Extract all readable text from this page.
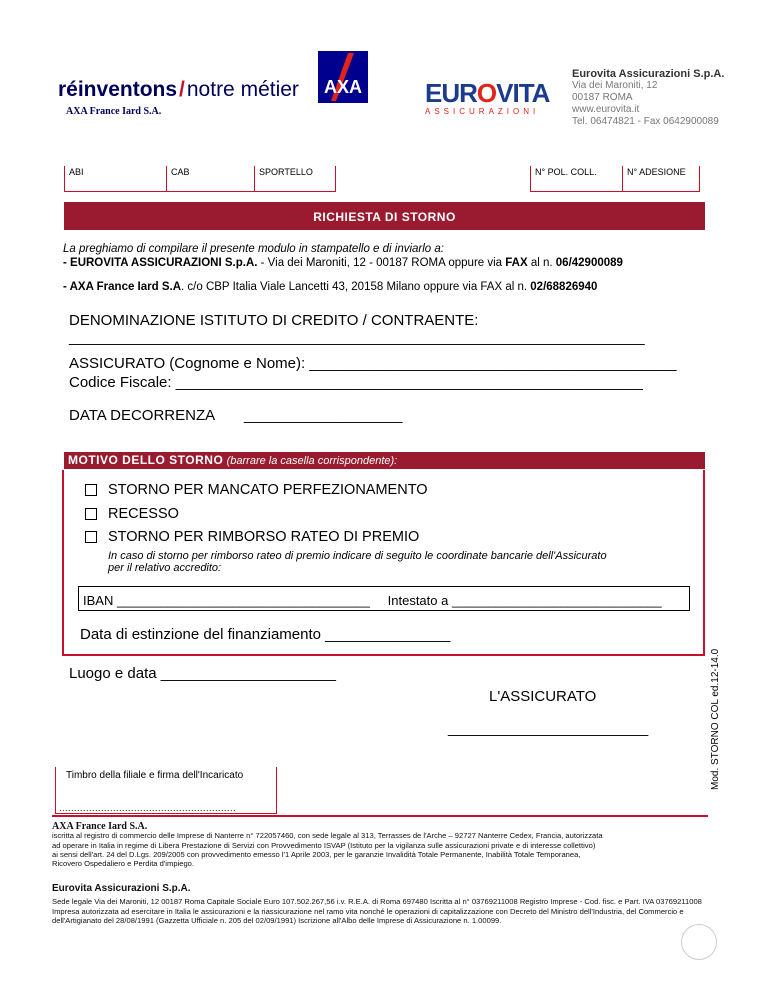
réinventons/notre métier
AXA France Iard S.A.
AXA EUROVITA
ASSICURAZIONI
Eurovita Assicurazioni S.p.A.
Via dei Maroniti, 12
00187 ROMA
www.eurovita.it
Tel. 06474821 - Fax 0642900089
ABI	CAB	SPORTELLO	N° POL. COLL.	N° ADESIONE
RICHIESTA DI STORNO
La preghiamo di compilare il presente modulo in stampatello e di inviarlo a:
- EUROVITA ASSICURAZIONI S.p.A. - Via dei Maroniti, 12 - 00187 ROMA oppure via FAX al n. 06/42900089
- AXA France Iard S.A. c/o CBP Italia Viale Lancetti 43, 20158 Milano oppure via FAX al n. 02/68826940
DENOMINAZIONE ISTITUTO DI CREDITO / CONTRAENTE:
_____________________________________________________________________
ASSICURATO (Cognome e Nome): ____________________________________________
Codice Fiscale: ________________________________________________________
DATA DECORRENZA ___________________
MOTIVO DELLO STORNO (barrare la casella corrispondente):
STORNO PER MANCATO PERFEZIONAMENTO
RECESSO
STORNO PER RIMBORSO RATEO DI PREMIO
In caso di storno per rimborso rateo di premio indicare di seguito le coordinate bancarie dell'Assicurato
per il relativo accredito:
IBAN ___________________________________ Intestato a _____________________________
Data di estinzione del finanziamento _______________
Luogo e data _____________________
L'ASSICURATO
________________________	Mod. STORNO COL ed.12-14.0
Timbro della filiale e firma dell'Incaricato
...........................................................
AXA France Iard S.A.
iscritta al registro di commercio delle Imprese di Nanterre n° 722057460, con sede legale al 313, Terrasses de l'Arche – 92727 Nanterre Cedex, Francia, autorizzata
ad operare in Italia in regime di Libera Prestazione di Servizi con Provvedimento ISVAP (Istituto per la vigilanza sulle assicurazioni private e di interesse collettivo)
ai sensi dell'art. 24 del D.Lgs. 209/2005 con provvedimento emesso l'1 Aprile 2003, per le garanzie Invalidità Totale Permanente, Inabilità Totale Temporanea,
Ricovero Ospedaliero e Perdita d'impiego.
Eurovita Assicurazioni S.p.A.
Sede legale Via dei Maroniti, 12 00187 Roma Capitale Sociale Euro 107.502.267,56 i.v. R.E.A. di Roma 697480 Iscritta al n° 03769211008 Registro Imprese - Cod. fisc. e Part. IVA 03769211008
Impresa autorizzata ad esercitare in Italia le assicurazioni e la riassicurazione nel ramo vita nonché le operazioni di capitalizzazione con Decreto del Ministro dell'Industria, del Commercio e
dell'Artigianato del 28/08/1991 (Gazzetta Ufficiale n. 205 del 02/09/1991) Iscrizione all'Albo delle Imprese di Assicurazione n. 1.00099.
